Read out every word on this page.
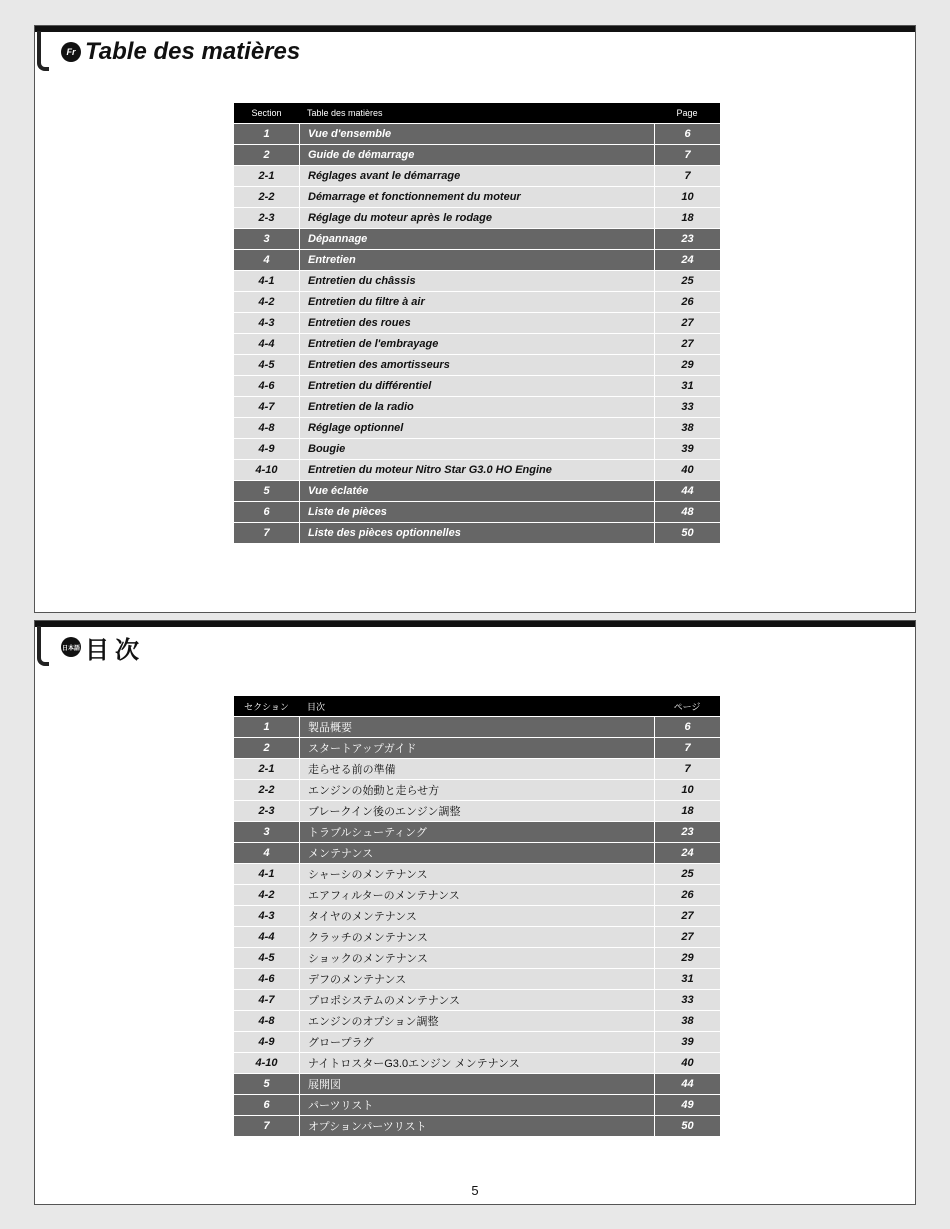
Fr Table des matières
Section	Table des matières	Page
1	Vue d'ensemble	6
2	Guide de démarrage	7
2-1	Réglages avant le démarrage	7
2-2	Démarrage et fonctionnement du moteur	10
2-3	Réglage du moteur après le rodage	18
3	Dépannage	23
4	Entretien	24
4-1	Entretien du châssis	25
4-2	Entretien du filtre à air	26
4-3	Entretien des roues	27
4-4	Entretien de l'embrayage	27
4-5	Entretien des amortisseurs	29
4-6	Entretien du différentiel	31
4-7	Entretien de la radio	33
4-8	Réglage optionnel	38
4-9	Bougie	39
4-10	Entretien du moteur Nitro Star G3.0 HO Engine	40
5	Vue éclatée	44
6	Liste de pièces	48
7	Liste des pièces optionnelles	50
日本語 目次
セクション	目次	ページ
1	製品概要	6
2	スタートアップガイド	7
2-1	走らせる前の準備	7
2-2	エンジンの始動と走らせ方	10
2-3	ブレークイン後のエンジン調整	18
3	トラブルシューティング	23
4	メンテナンス	24
4-1	シャーシのメンテナンス	25
4-2	エアフィルターのメンテナンス	26
4-3	タイヤのメンテナンス	27
4-4	クラッチのメンテナンス	27
4-5	ショックのメンテナンス	29
4-6	デフのメンテナンス	31
4-7	プロポシステムのメンテナンス	33
4-8	エンジンのオプション調整	38
4-9	グロープラグ	39
4-10	ナイトロスターG3.0エンジン メンテナンス	40
5	展開図	44
6	パーツリスト	49
7	オプションパーツリスト	50
5
